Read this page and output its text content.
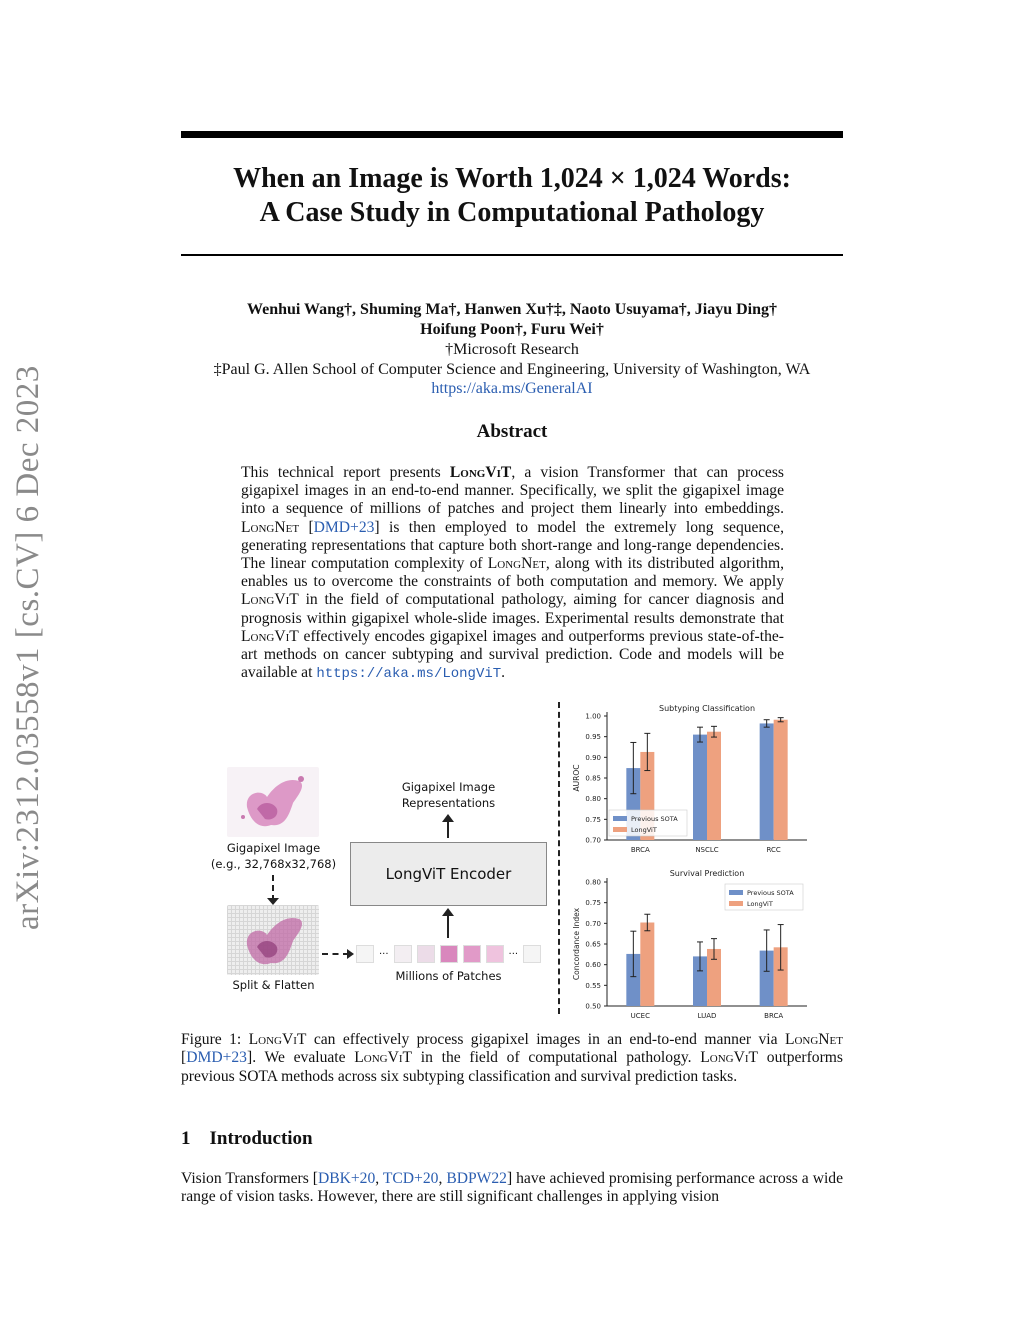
arXiv:2312.03558v1 [cs.CV] 6 Dec 2023
When an Image is Worth 1,024 × 1,024 Words:
A Case Study in Computational Pathology
Wenhui Wang†, Shuming Ma†, Hanwen Xu†‡, Naoto Usuyama†, Jiayu Ding†
Hoifung Poon†, Furu Wei†
†Microsoft Research
‡Paul G. Allen School of Computer Science and Engineering, University of Washington, WA
https://aka.ms/GeneralAI
Abstract
This technical report presents LongViT, a vision Transformer that can process gigapixel images in an end-to-end manner. Specifically, we split the gigapixel image into a sequence of millions of patches and project them linearly into embeddings. LongNet [DMD+23] is then employed to model the extremely long sequence, generating representations that capture both short-range and long-range dependencies. The linear computation complexity of LongNet, along with its distributed algorithm, enables us to overcome the constraints of both computation and memory. We apply LongViT in the field of computational pathology, aiming for cancer diagnosis and prognosis within gigapixel whole-slide images. Experimental results demonstrate that LongViT effectively encodes gigapixel images and outperforms previous state-of-the-art methods on cancer subtyping and survival prediction. Code and models will be available at https://aka.ms/LongViT.
Gigapixel Image
(e.g., 32,768x32,768)
Split & Flatten
···	···
Millions of Patches
Gigapixel Image
Representations
LongViT Encoder
Subtyping Classification
0.70
0.75
0.80
0.85
0.90
0.95
1.00
AUROC
BRCA	NSCLC	RCC
Previous SOTA
LongViT
Survival Prediction
0.50
0.55
0.60
0.65
0.70
0.75
0.80
Concordance Index
UCEC	LUAD	BRCA
Previous SOTA
LongViT
Figure 1: LongViT can effectively process gigapixel images in an end-to-end manner via LongNet [DMD+23]. We evaluate LongViT in the field of computational pathology. LongViT outperforms previous SOTA methods across six subtyping classification and survival prediction tasks.
1 Introduction
Vision Transformers [DBK+20, TCD+20, BDPW22] have achieved promising performance across a wide range of vision tasks. However, there are still significant challenges in applying vision
